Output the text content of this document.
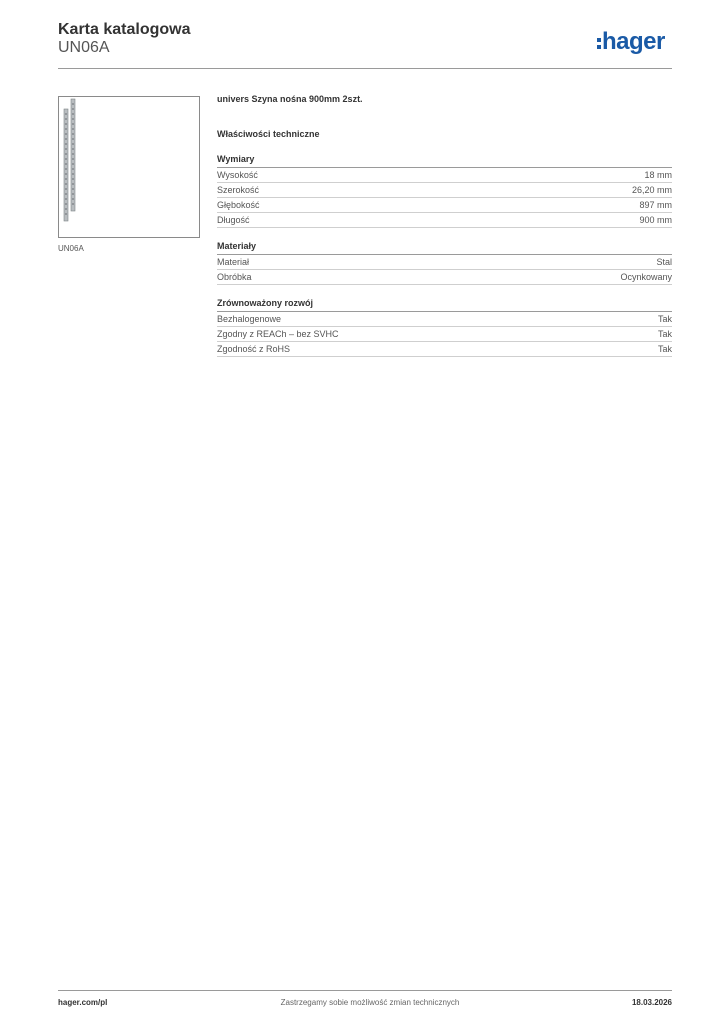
Karta katalogowa
UN06A	hager
UN06A
univers Szyna nośna 900mm 2szt.
Właściwości techniczne
Wymiary
Wysokość	18 mm
Szerokość	26,20 mm
Głębokość	897 mm
Długość	900 mm
Materiały
Materiał	Stal
Obróbka	Ocynkowany
Zrównoważony rozwój
Bezhalogenowe	Tak
Zgodny z REACh – bez SVHC	Tak
Zgodność z RoHS	Tak
hager.com/pl	Zastrzegamy sobie możliwość zmian technicznych	18.03.2026
